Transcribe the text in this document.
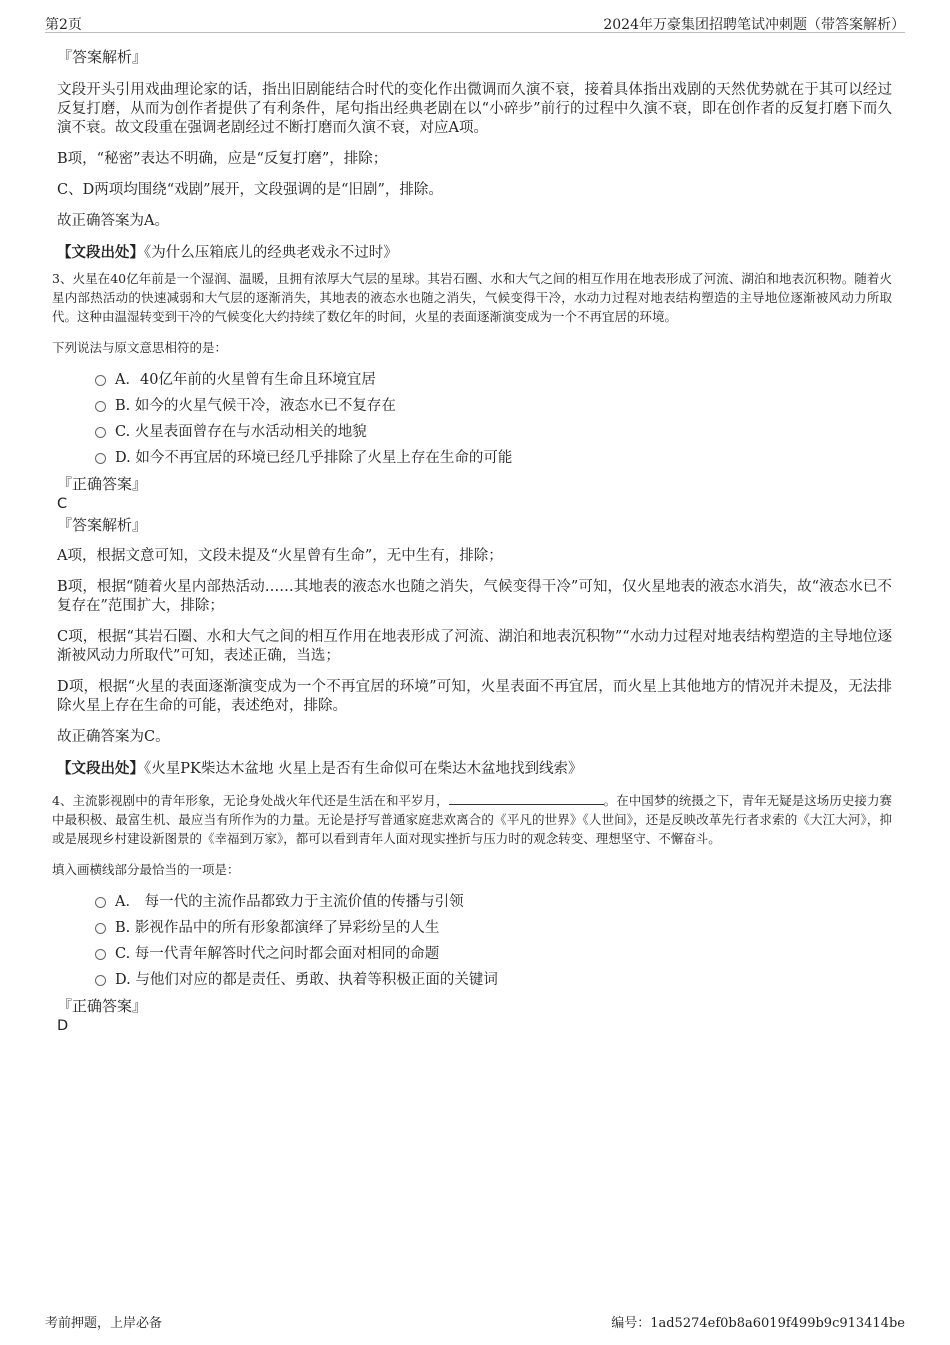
第2页	2024年万豪集团招聘笔试冲刺题（带答案解析）

『答案解析』

文段开头引用戏曲理论家的话，指出旧剧能结合时代的变化作出微调而久演不衰，接着具体指出戏剧的天然优势就在于其可以经过反复打磨，从而为创作者提供了有利条件，尾句指出经典老剧在以“小碎步”前行的过程中久演不衰，即在创作者的反复打磨下而久演不衰。故文段重在强调老剧经过不断打磨而久演不衰，对应A项。

B项，“秘密”表达不明确，应是“反复打磨”，排除；

C、D两项均围绕“戏剧”展开，文段强调的是“旧剧”，排除。

故正确答案为A。

【文段出处】《为什么压箱底儿的经典老戏永不过时》

3、火星在40亿年前是一个湿润、温暖，且拥有浓厚大气层的星球。其岩石圈、水和大气之间的相互作用在地表形成了河流、湖泊和地表沉积物。随着火星内部热活动的快速减弱和大气层的逐渐消失，其地表的液态水也随之消失，气候变得干冷，水动力过程对地表结构塑造的主导地位逐渐被风动力所取代。这种由温湿转变到干冷的气候变化大约持续了数亿年的时间，火星的表面逐渐演变成为一个不再宜居的环境。

下列说法与原文意思相符的是：

A．40亿年前的火星曾有生命且环境宜居
B. 如今的火星气候干冷，液态水已不复存在
C. 火星表面曾存在与水活动相关的地貌
D. 如今不再宜居的环境已经几乎排除了火星上存在生命的可能

『正确答案』

C

『答案解析』

A项，根据文意可知，文段未提及“火星曾有生命”，无中生有，排除；

B项，根据“随着火星内部热活动……其地表的液态水也随之消失，气候变得干冷”可知，仅火星地表的液态水消失，故“液态水已不复存在”范围扩大，排除；

C项，根据“其岩石圈、水和大气之间的相互作用在地表形成了河流、湖泊和地表沉积物”“水动力过程对地表结构塑造的主导地位逐渐被风动力所取代”可知，表述正确，当选；

D项，根据“火星的表面逐渐演变成为一个不再宜居的环境”可知，火星表面不再宜居，而火星上其他地方的情况并未提及，无法排除火星上存在生命的可能，表述绝对，排除。

故正确答案为C。

【文段出处】《火星PK柴达木盆地 火星上是否有生命似可在柴达木盆地找到线索》

4、主流影视剧中的青年形象，无论身处战火年代还是生活在和平岁月，	。在中国梦的统摄之下，青年无疑是这场历史接力赛中最积极、最富生机、最应当有所作为的力量。无论是抒写普通家庭悲欢离合的《平凡的世界》《人世间》，还是反映改革先行者求索的《大江大河》，抑或是展现乡村建设新图景的《幸福到万家》，都可以看到青年人面对现实挫折与压力时的观念转变、理想坚守、不懈奋斗。

填入画横线部分最恰当的一项是：

A． 每一代的主流作品都致力于主流价值的传播与引领
B. 影视作品中的所有形象都演绎了异彩纷呈的人生
C. 每一代青年解答时代之问时都会面对相同的命题
D. 与他们对应的都是责任、勇敢、执着等积极正面的关键词

『正确答案』

D

考前押题，上岸必备	编号：1ad5274ef0b8a6019f499b9c913414be
